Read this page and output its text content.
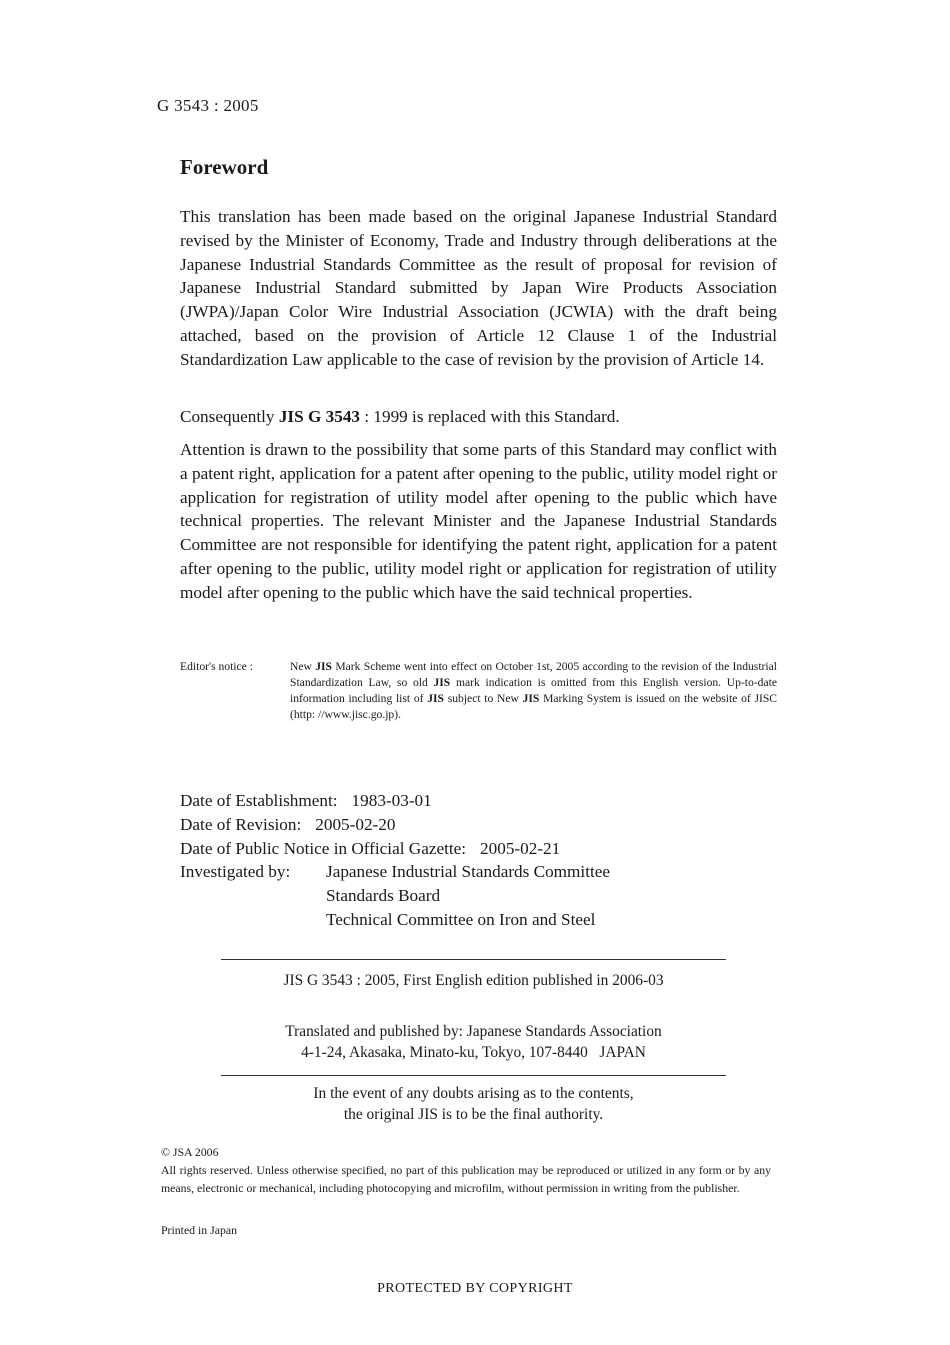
G 3543 : 2005
Foreword

This translation has been made based on the original Japanese Industrial Standard revised by the Minister of Economy, Trade and Industry through deliberations at the Japanese Industrial Standards Committee as the result of proposal for revision of Japanese Industrial Standard submitted by Japan Wire Products Association (JWPA)/Japan Color Wire Industrial Association (JCWIA) with the draft being attached, based on the provision of Article 12 Clause 1 of the Industrial Standardization Law applicable to the case of revision by the provision of Article 14.

Consequently JIS G 3543 : 1999 is replaced with this Standard.

Attention is drawn to the possibility that some parts of this Standard may conflict with a patent right, application for a patent after opening to the public, utility model right or application for registration of utility model after opening to the public which have technical properties. The relevant Minister and the Japanese Industrial Standards Committee are not responsible for identifying the patent right, application for a patent after opening to the public, utility model right or application for registration of utility model after opening to the public which have the said technical properties.

Editor's notice :	New JIS Mark Scheme went into effect on October 1st, 2005 according to the revision of the Industrial Standardization Law, so old JIS mark indication is omitted from this English version. Up-to-date information including list of JIS subject to New JIS Marking System is issued on the website of JISC (http: //www.jisc.go.jp).
Date of Establishment: 1983-03-01
Date of Revision: 2005-02-20
Date of Public Notice in Official Gazette: 2005-02-21
Investigated by: Japanese Industrial Standards Committee
Standards Board
Technical Committee on Iron and Steel
JIS G 3543 : 2005, First English edition published in 2006-03
Translated and published by: Japanese Standards Association
4-1-24, Akasaka, Minato-ku, Tokyo, 107-8440   JAPAN
In the event of any doubts arising as to the contents,
the original JIS is to be the final authority.
© JSA 2006
All rights reserved. Unless otherwise specified, no part of this publication may be reproduced or utilized in any form or by any means, electronic or mechanical, including photocopying and microfilm, without permission in writing from the publisher.
Printed in Japan
PROTECTED BY COPYRIGHT
